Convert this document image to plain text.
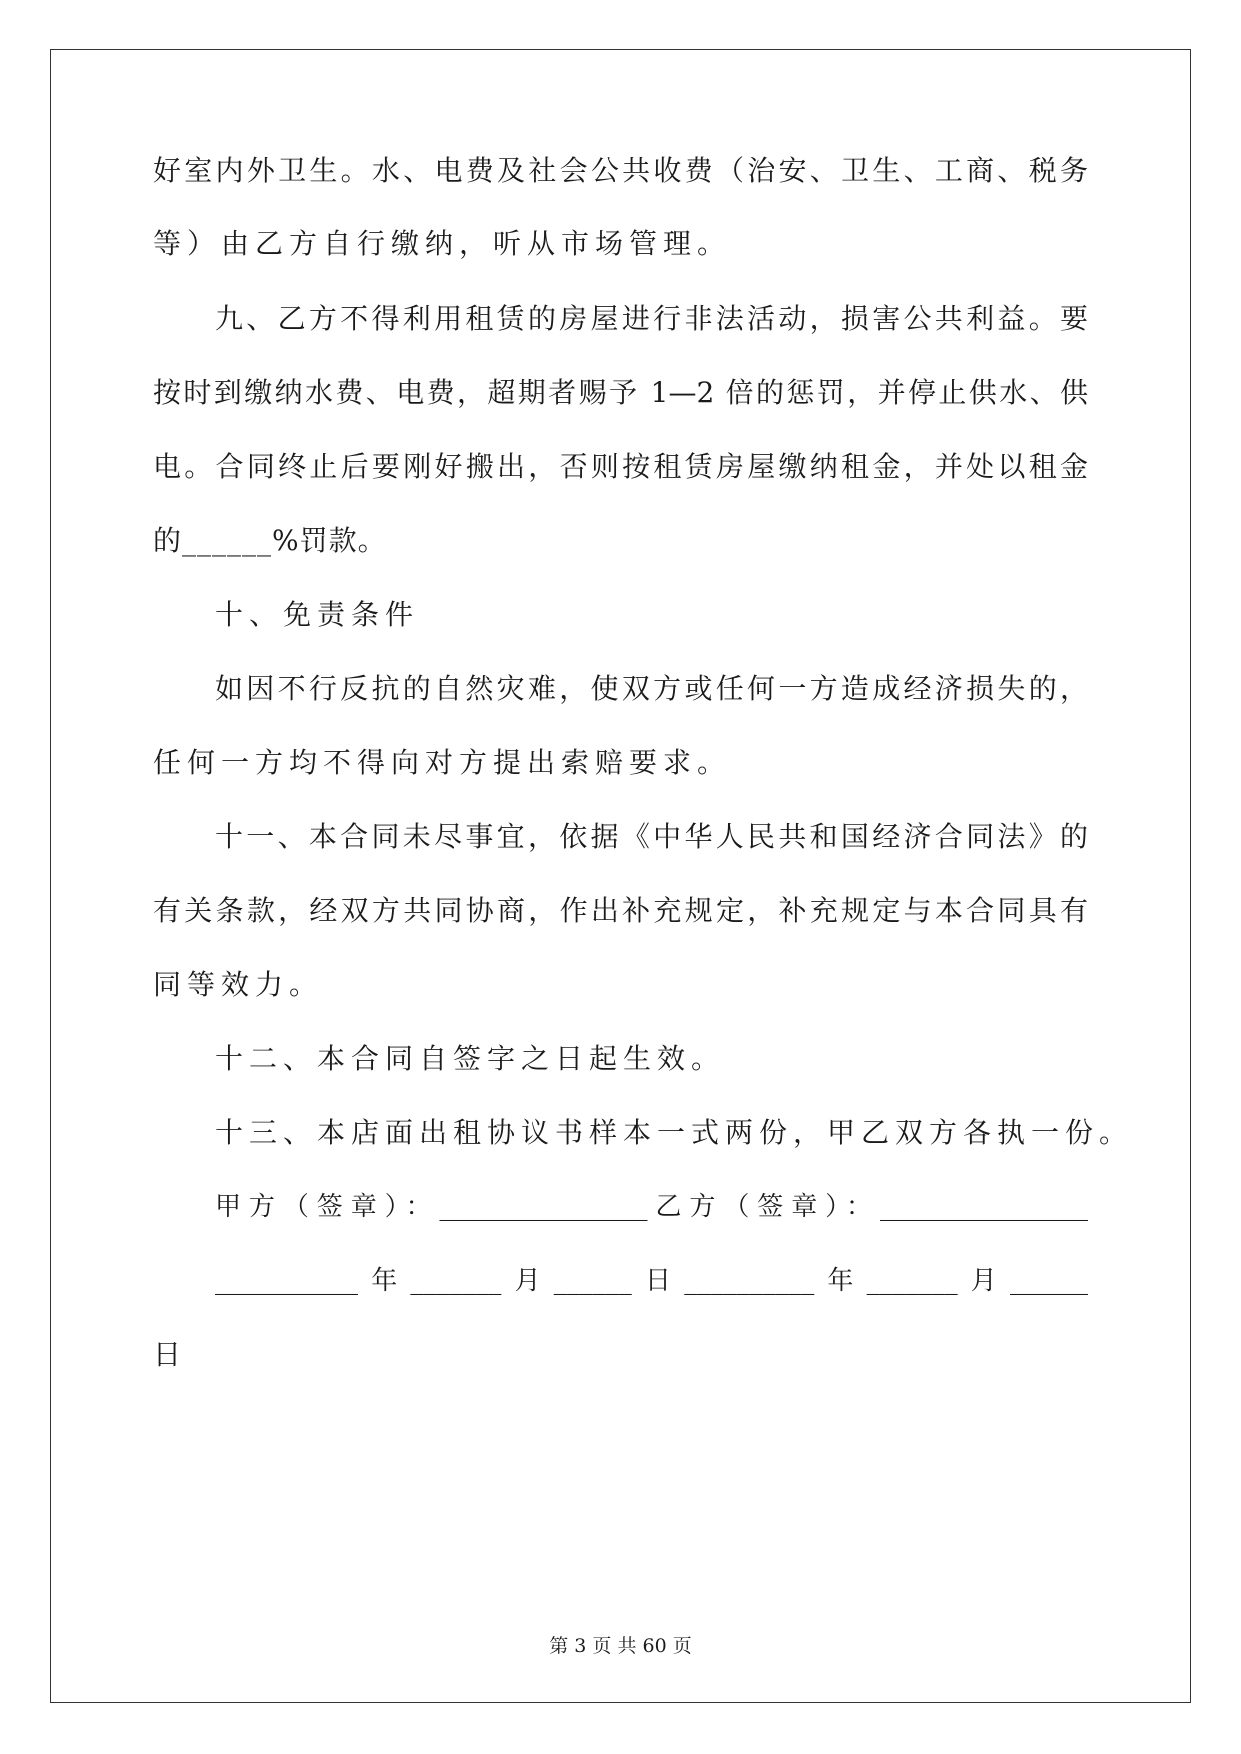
好室内外卫生。水、电费及社会公共收费（治安、卫生、工商、税务
等）由乙方自行缴纳，听从市场管理。
九、乙方不得利用租赁的房屋进行非法活动，损害公共利益。要
按时到缴纳水费、电费，超期者赐予 1—2 倍的惩罚，并停止供水、供
电。合同终止后要刚好搬出，否则按租赁房屋缴纳租金，并处以租金
的______%罚款。
十、免责条件
如因不行反抗的自然灾难，使双方或任何一方造成经济损失的，
任何一方均不得向对方提出索赔要求。
十一、本合同未尽事宜，依据《中华人民共和国经济合同法》的
有关条款，经双方共同协商，作出补充规定，补充规定与本合同具有
同等效力。
十二、本合同自签字之日起生效。
十三、本店面出租协议书样本一式两份，甲乙双方各执一份。
甲方（签章）：________________乙方（签章）：________________
___________年_______月______日__________年_______月______
日
第 3 页 共 60 页
